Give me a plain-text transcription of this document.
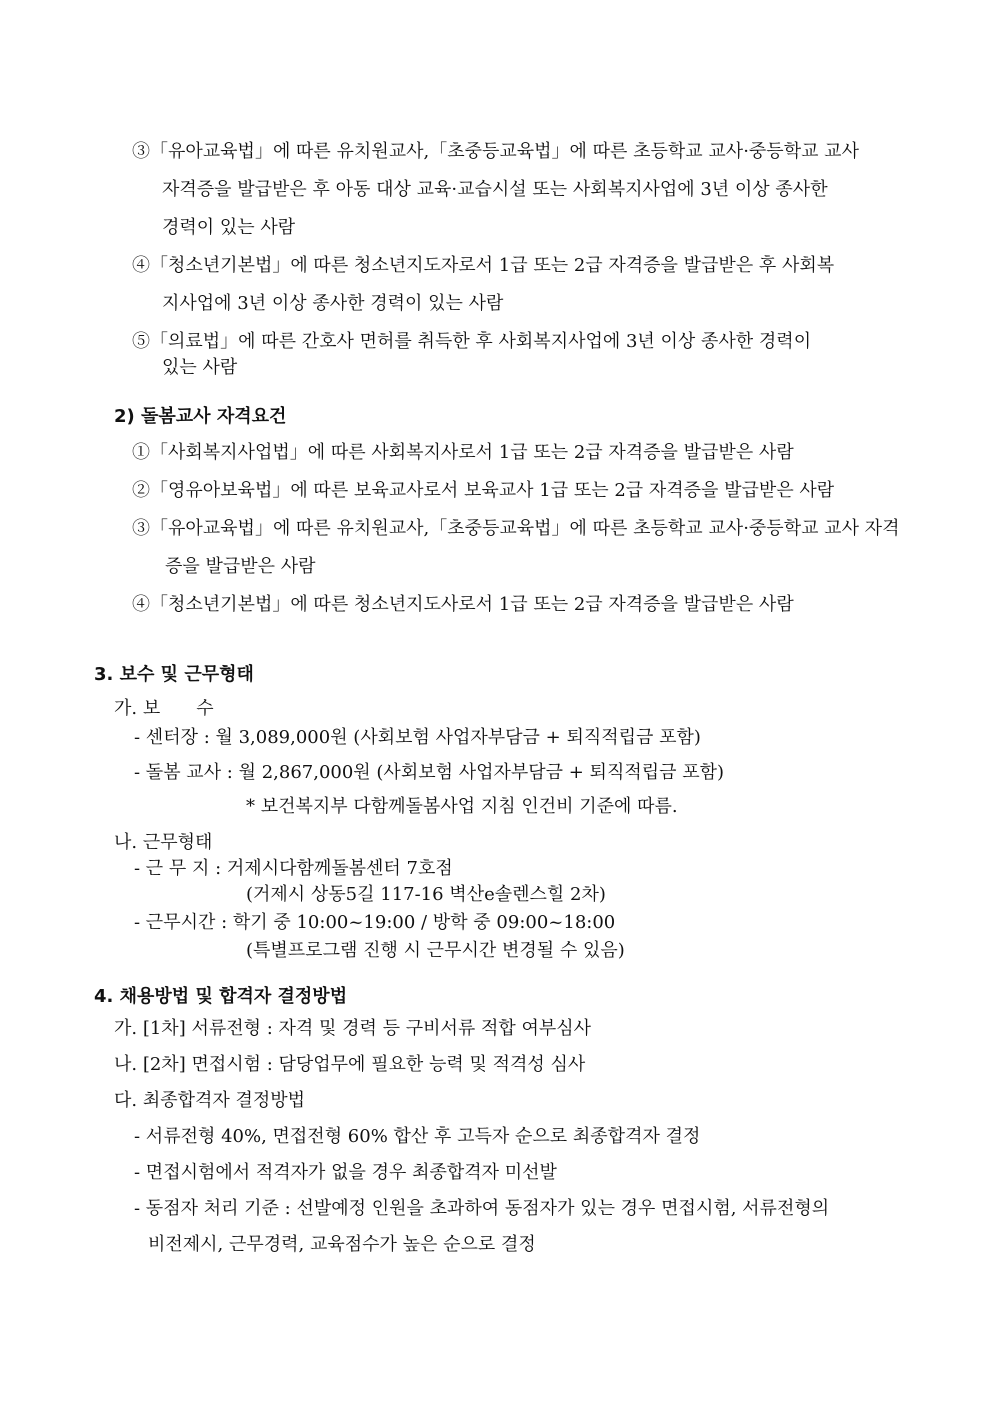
③「유아교육법」에 따른 유치원교사,「초중등교육법」에 따른 초등학교 교사·중등학교 교사
자격증을 발급받은 후 아동 대상 교육·교습시설 또는 사회복지사업에 3년 이상 종사한
경력이 있는 사람
④「청소년기본법」에 따른 청소년지도자로서 1급 또는 2급 자격증을 발급받은 후 사회복
지사업에 3년 이상 종사한 경력이 있는 사람
⑤「의료법」에 따른 간호사 면허를 취득한 후 사회복지사업에 3년 이상 종사한 경력이
있는 사람
2) 돌봄교사 자격요건
①「사회복지사업법」에 따른 사회복지사로서 1급 또는 2급 자격증을 발급받은 사람
②「영유아보육법」에 따른 보육교사로서 보육교사 1급 또는 2급 자격증을 발급받은 사람
③「유아교육법」에 따른 유치원교사,「초중등교육법」에 따른 초등학교 교사·중등학교 교사 자격
증을 발급받은 사람
④「청소년기본법」에 따른 청소년지도사로서 1급 또는 2급 자격증을 발급받은 사람
3. 보수 및 근무형태
가. 보　　수
- 센터장 : 월 3,089,000원 (사회보험 사업자부담금 + 퇴직적립금 포함)
- 돌봄 교사 : 월 2,867,000원 (사회보험 사업자부담금 + 퇴직적립금 포함)
* 보건복지부 다함께돌봄사업 지침 인건비 기준에 따름.
나. 근무형태
- 근 무 지 : 거제시다함께돌봄센터 7호점
(거제시 상동5길 117-16 벽산e솔렌스힐 2차)
- 근무시간 : 학기 중 10:00~19:00 / 방학 중 09:00~18:00
(특별프로그램 진행 시 근무시간 변경될 수 있음)
4. 채용방법 및 합격자 결정방법
가. [1차] 서류전형 : 자격 및 경력 등 구비서류 적합 여부심사
나. [2차] 면접시험 : 담당업무에 필요한 능력 및 적격성 심사
다. 최종합격자 결정방법
- 서류전형 40%, 면접전형 60% 합산 후 고득자 순으로 최종합격자 결정
- 면접시험에서 적격자가 없을 경우 최종합격자 미선발
- 동점자 처리 기준 : 선발예정 인원을 초과하여 동점자가 있는 경우 면접시험, 서류전형의
비전제시, 근무경력, 교육점수가 높은 순으로 결정
